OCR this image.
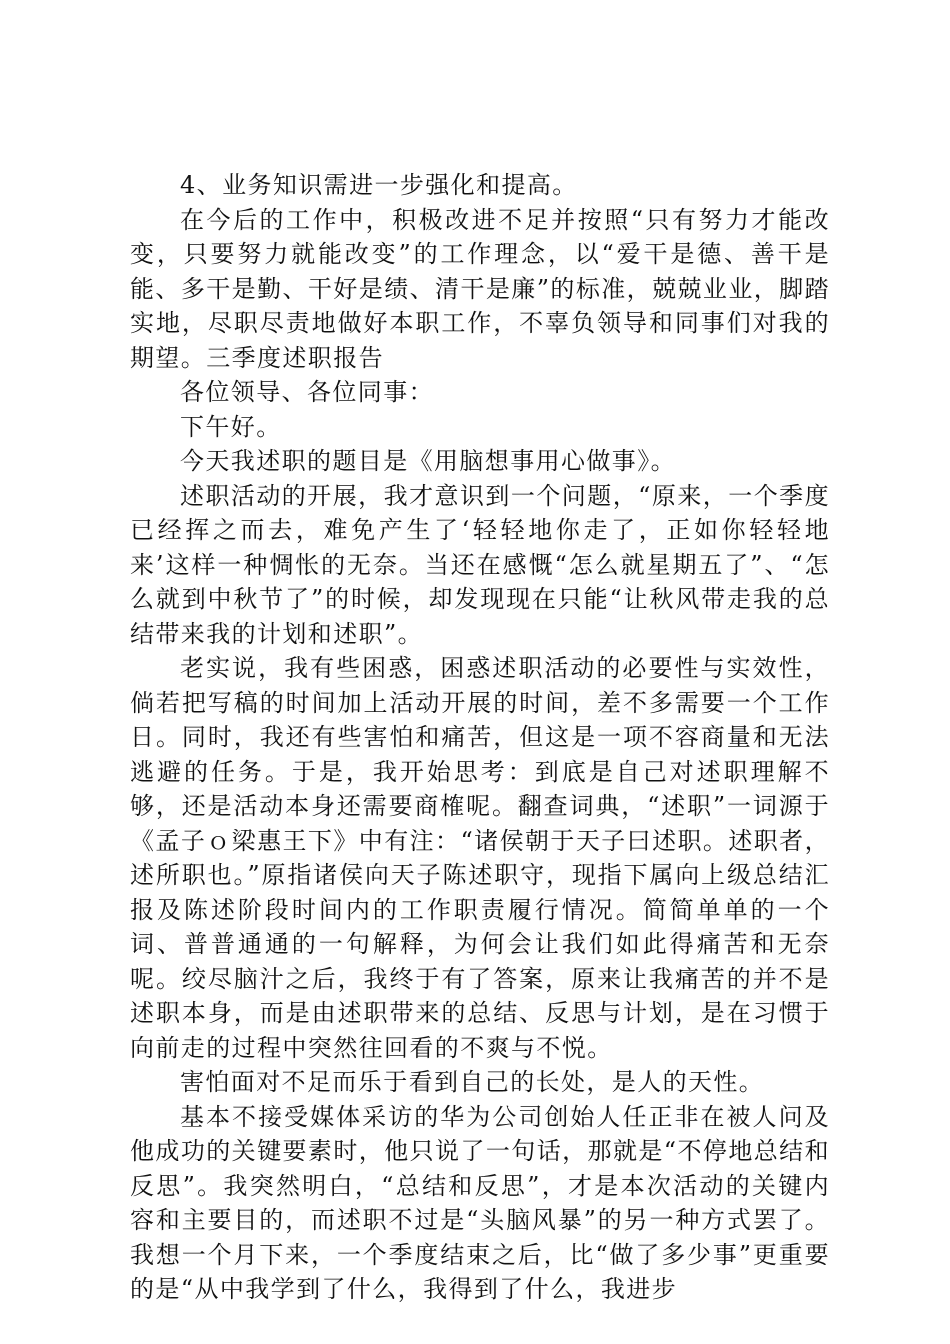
4、业务知识需进一步强化和提高。

在今后的工作中，积极改进不足并按照“只有努力才能改变，只要努力就能改变”的工作理念，以“爱干是德、善干是能、多干是勤、干好是绩、清干是廉”的标准，兢兢业业，脚踏实地，尽职尽责地做好本职工作，不辜负领导和同事们对我的期望。三季度述职报告

各位领导、各位同事：

下午好。

今天我述职的题目是《用脑想事用心做事》。

述职活动的开展，我才意识到一个问题，“原来，一个季度已经挥之而去，难免产生了‘轻轻地你走了，正如你轻轻地来’这样一种惆怅的无奈。当还在感慨“怎么就星期五了”、“怎么就到中秋节了”的时候，却发现现在只能“让秋风带走我的总结带来我的计划和述职”。

老实说，我有些困惑，困惑述职活动的必要性与实效性，倘若把写稿的时间加上活动开展的时间，差不多需要一个工作日。同时，我还有些害怕和痛苦，但这是一项不容商量和无法逃避的任务。于是，我开始思考：到底是自己对述职理解不够，还是活动本身还需要商榷呢。翻查词典，“述职”一词源于《孟子ｏ梁惠王下》中有注：“诸侯朝于天子曰述职。述职者，述所职也。”原指诸侯向天子陈述职守，现指下属向上级总结汇报及陈述阶段时间内的工作职责履行情况。简简单单的一个词、普普通通的一句解释，为何会让我们如此得痛苦和无奈呢。绞尽脑汁之后，我终于有了答案，原来让我痛苦的并不是述职本身，而是由述职带来的总结、反思与计划，是在习惯于向前走的过程中突然往回看的不爽与不悦。

害怕面对不足而乐于看到自己的长处，是人的天性。

基本不接受媒体采访的华为公司创始人任正非在被人问及他成功的关键要素时，他只说了一句话，那就是“不停地总结和反思”。我突然明白，“总结和反思”，才是本次活动的关键内容和主要目的，而述职不过是“头脑风暴”的另一种方式罢了。我想一个月下来，一个季度结束之后，比“做了多少事”更重要的是“从中我学到了什么，我得到了什么，我进步
